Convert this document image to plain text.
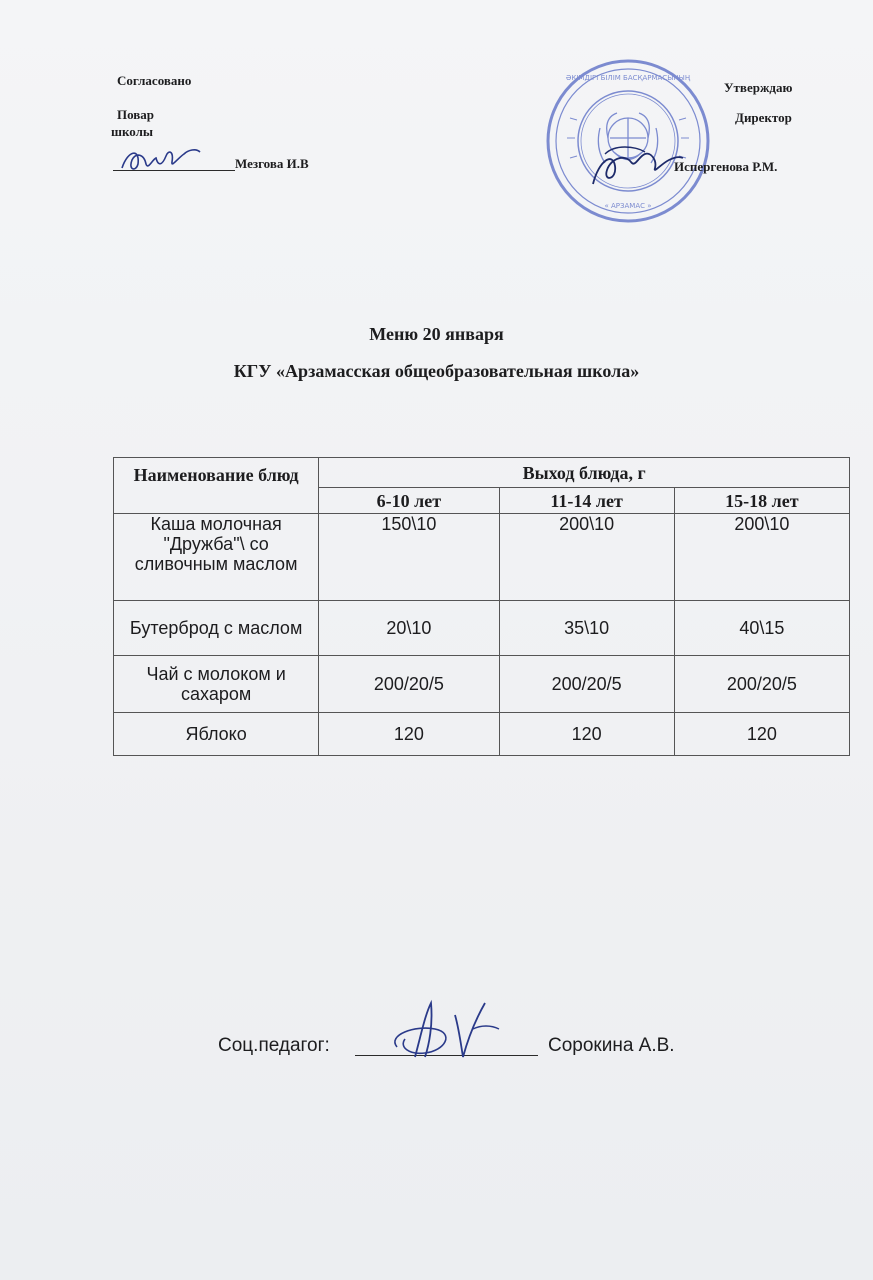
Согласовано
Повар
школы
Мезгова И.В
ӘКІМДІГІ БІЛІМ БАСҚАРМАСЫНЫҢ
« АРЗАМАС »
Утверждаю
Директор
Испергенова Р.М.
Меню 20 января
КГУ «Арзамасская общеобразовательная школа»
Наименование блюд	Выход блюда, г		
	6-10 лет	11-14 лет	15-18 лет
Каша молочная "Дружба"\ со сливочным маслом	150\10	200\10	200\10
Бутерброд с маслом	20\10	35\10	40\15
Чай с молоком и сахаром	200/20/5	200/20/5	200/20/5
Яблоко	120	120	120
Соц.педагог:	Сорокина А.В.
